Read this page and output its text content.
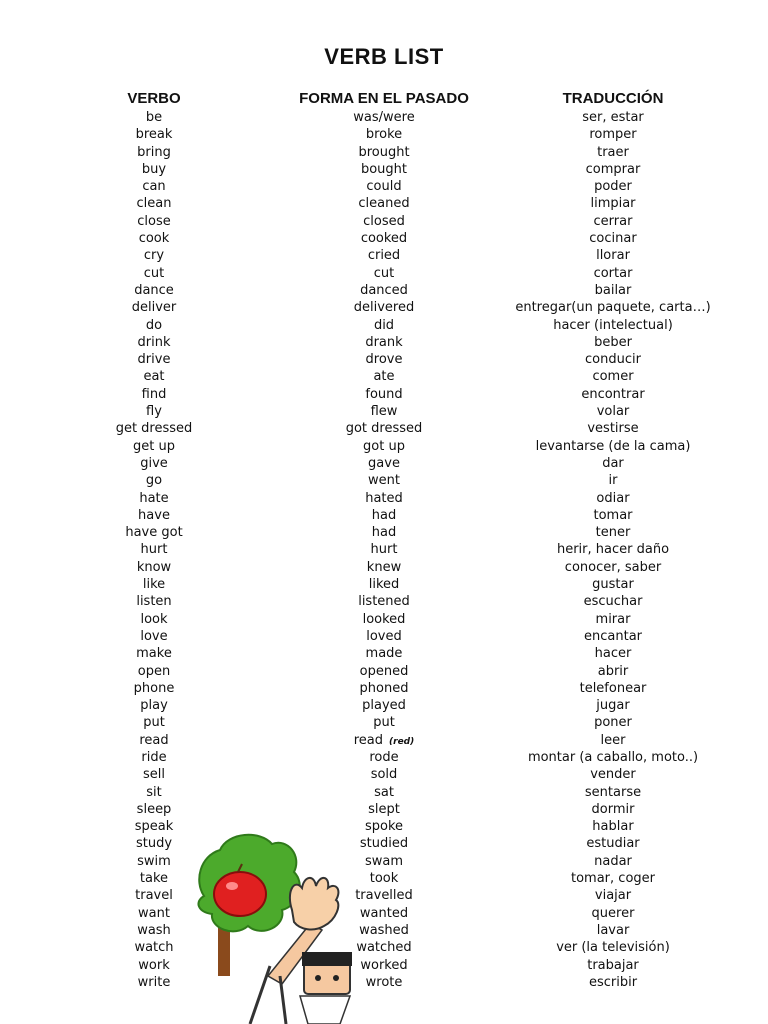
VERB LIST
VERBO	FORMA EN EL PASADO	TRADUCCIÓN
be	was/were	ser, estar
break	broke	romper
bring	brought	traer
buy	bought	comprar
can	could	poder
clean	cleaned	limpiar
close	closed	cerrar
cook	cooked	cocinar
cry	cried	llorar
cut	cut	cortar
dance	danced	bailar
deliver	delivered	entregar(un paquete, carta…)
do	did	hacer (intelectual)
drink	drank	beber
drive	drove	conducir
eat	ate	comer
find	found	encontrar
fly	flew	volar
get dressed	got dressed	vestirse
get up	got up	levantarse (de la cama)
give	gave	dar
go	went	ir
hate	hated	odiar
have	had	tomar
have got	had	tener
hurt	hurt	herir, hacer daño
know	knew	conocer, saber
like	liked	gustar
listen	listened	escuchar
look	looked	mirar
love	loved	encantar
make	made	hacer
open	opened	abrir
phone	phoned	telefonear
play	played	jugar
put	put	poner
read	read (red)	leer
ride	rode	montar (a caballo, moto..)
sell	sold	vender
sit	sat	sentarse
sleep	slept	dormir
speak	spoke	hablar
study	studied	estudiar
swim	swam	nadar
take	took	tomar, coger
travel	travelled	viajar
want	wanted	querer
wash	washed	lavar
watch	watched	ver (la televisión)
work	worked	trabajar
write	wrote	escribir
